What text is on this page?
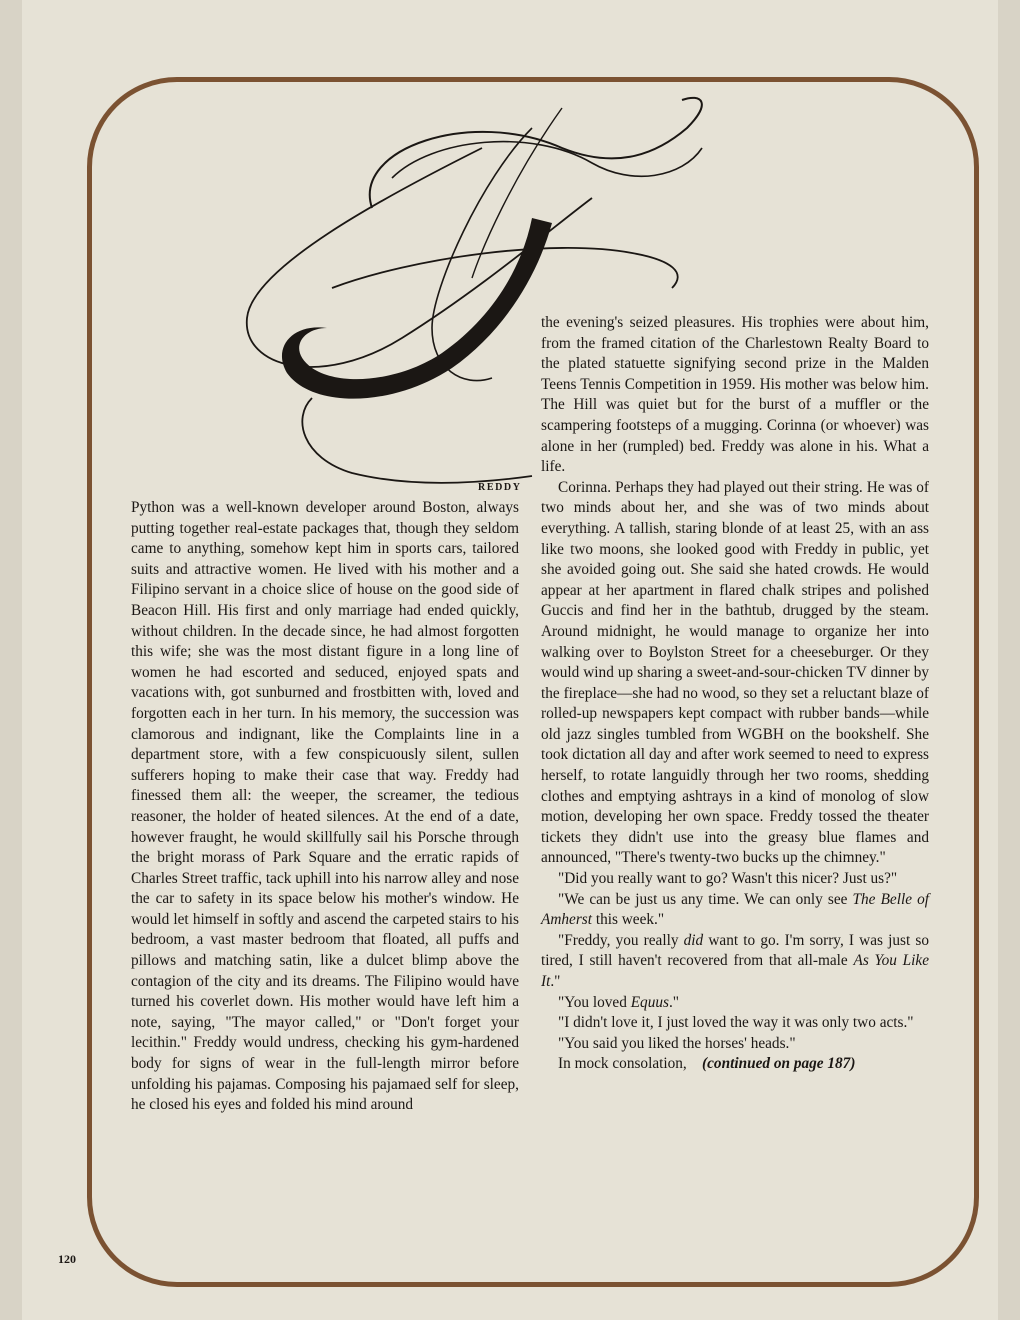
REDDY

Python was a well-known developer around Boston, always putting together real-estate packages that, though they seldom came to anything, somehow kept him in sports cars, tailored suits and attractive women. He lived with his mother and a Filipino servant in a choice slice of house on the good side of Beacon Hill. His first and only marriage had ended quickly, without children. In the decade since, he had almost forgotten this wife; she was the most distant figure in a long line of women he had escorted and seduced, enjoyed spats and vacations with, got sunburned and frostbitten with, loved and forgotten each in her turn. In his memory, the succession was clamorous and indignant, like the Complaints line in a department store, with a few conspicuously silent, sullen sufferers hoping to make their case that way. Freddy had finessed them all: the weeper, the screamer, the tedious reasoner, the holder of heated silences. At the end of a date, however fraught, he would skillfully sail his Porsche through the bright morass of Park Square and the erratic rapids of Charles Street traffic, tack uphill into his narrow alley and nose the car to safety in its space below his mother's window. He would let himself in softly and ascend the carpeted stairs to his bedroom, a vast master bedroom that floated, all puffs and pillows and matching satin, like a dulcet blimp above the contagion of the city and its dreams. The Filipino would have turned his coverlet down. His mother would have left him a note, saying, "The mayor called," or "Don't forget your lecithin." Freddy would undress, checking his gym-hardened body for signs of wear in the full-length mirror before unfolding his pajamas. Composing his pajamaed self for sleep, he closed his eyes and folded his mind around

the evening's seized pleasures. His trophies were about him, from the framed citation of the Charlestown Realty Board to the plated statuette signifying second prize in the Malden Teens Tennis Competition in 1959. His mother was below him. The Hill was quiet but for the burst of a muffler or the scampering footsteps of a mugging. Corinna (or whoever) was alone in her (rumpled) bed. Freddy was alone in his. What a life.

Corinna. Perhaps they had played out their string. He was of two minds about her, and she was of two minds about everything. A tallish, staring blonde of at least 25, with an ass like two moons, she looked good with Freddy in public, yet she avoided going out. She said she hated crowds. He would appear at her apartment in flared chalk stripes and polished Guccis and find her in the bathtub, drugged by the steam. Around midnight, he would manage to organize her into walking over to Boylston Street for a cheeseburger. Or they would wind up sharing a sweet-and-sour-chicken TV dinner by the fireplace—she had no wood, so they set a reluctant blaze of rolled-up newspapers kept compact with rubber bands—while old jazz singles tumbled from WGBH on the bookshelf. She took dictation all day and after work seemed to need to express herself, to rotate languidly through her two rooms, shedding clothes and emptying ashtrays in a kind of monolog of slow motion, developing her own space. Freddy tossed the theater tickets they didn't use into the greasy blue flames and announced, "There's twenty-two bucks up the chimney."

"Did you really want to go? Wasn't this nicer? Just us?"

"We can be just us any time. We can only see The Belle of Amherst this week."

"Freddy, you really did want to go. I'm sorry, I was just so tired, I still haven't recovered from that all-male As You Like It."

"You loved Equus."

"I didn't love it, I just loved the way it was only two acts."

"You said you liked the horses' heads."

In mock consolation, (continued on page 187)

120
